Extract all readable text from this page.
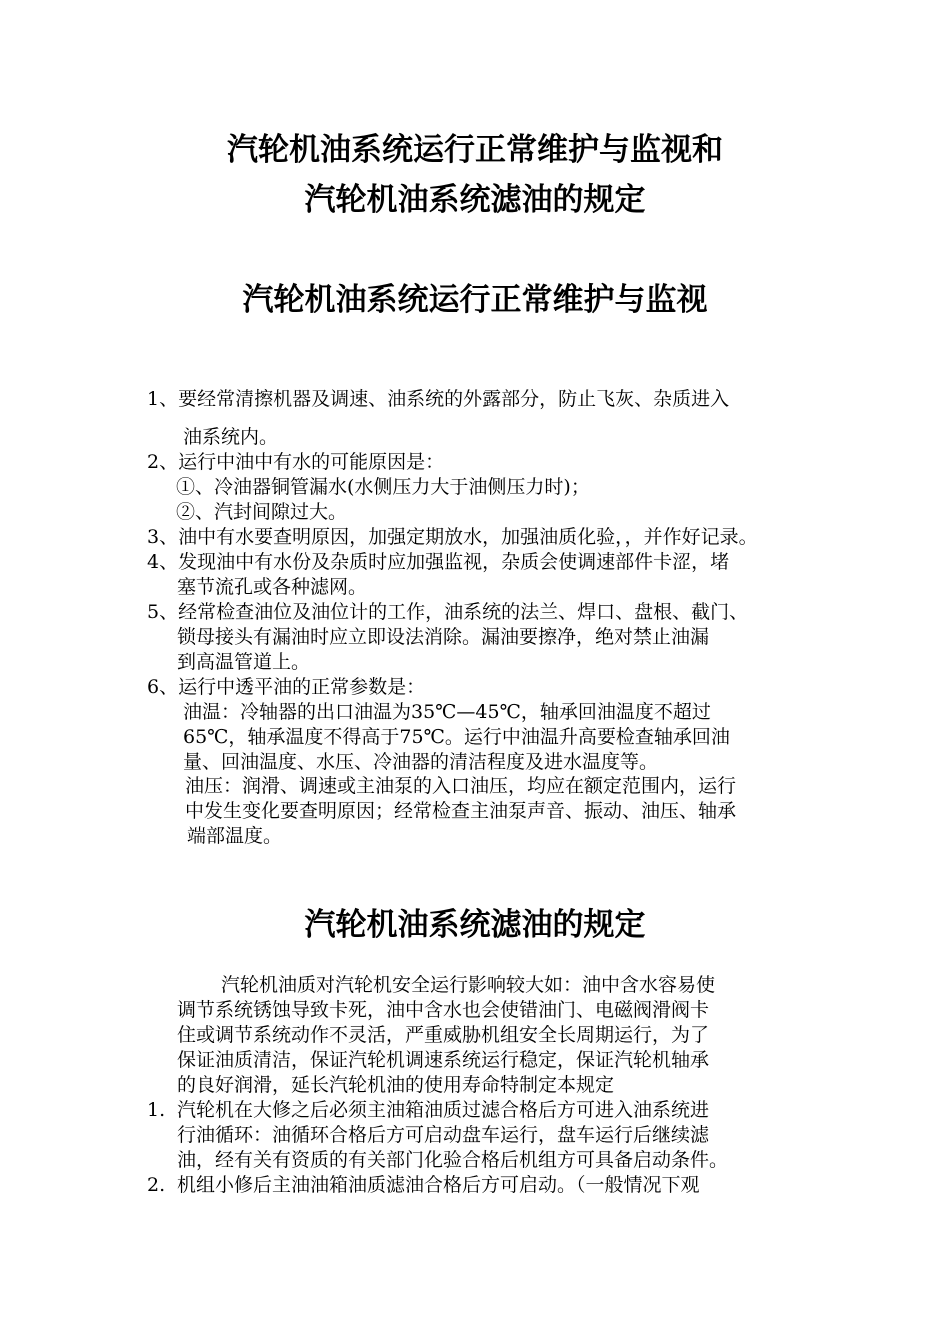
汽轮机油系统运行正常维护与监视和
汽轮机油系统滤油的规定
汽轮机油系统运行正常维护与监视
1、要经常清擦机器及调速、油系统的外露部分，防止飞灰、杂质进入
油系统内。
2、运行中油中有水的可能原因是：
①、冷油器铜管漏水(水侧压力大于油侧压力时)；
②、汽封间隙过大。
3、油中有水要查明原因，加强定期放水，加强油质化验，，并作好记录。
4、发现油中有水份及杂质时应加强监视，杂质会使调速部件卡涩，堵
塞节流孔或各种滤网。
5、经常检查油位及油位计的工作，油系统的法兰、焊口、盘根、截门、
锁母接头有漏油时应立即设法消除。漏油要擦净，绝对禁止油漏
到高温管道上。
6、运行中透平油的正常参数是：
油温：冷轴器的出口油温为35℃—45℃，轴承回油温度不超过
65℃，轴承温度不得高于75℃。运行中油温升高要检查轴承回油
量、回油温度、水压、冷油器的清洁程度及进水温度等。
油压：润滑、调速或主油泵的入口油压，均应在额定范围内，运行
中发生变化要查明原因；经常检查主油泵声音、振动、油压、轴承
端部温度。
汽轮机油系统滤油的规定
汽轮机油质对汽轮机安全运行影响较大如：油中含水容易使
调节系统锈蚀导致卡死，油中含水也会使错油门、电磁阀滑阀卡
住或调节系统动作不灵活，严重威胁机组安全长周期运行，为了
保证油质清洁，保证汽轮机调速系统运行稳定，保证汽轮机轴承
的良好润滑，延长汽轮机油的使用寿命特制定本规定
1. 汽轮机在大修之后必须主油箱油质过滤合格后方可进入油系统进
行油循环：油循环合格后方可启动盘车运行，盘车运行后继续滤
油，经有关有资质的有关部门化验合格后机组方可具备启动条件。
2. 机组小修后主油油箱油质滤油合格后方可启动。（一般情况下观
